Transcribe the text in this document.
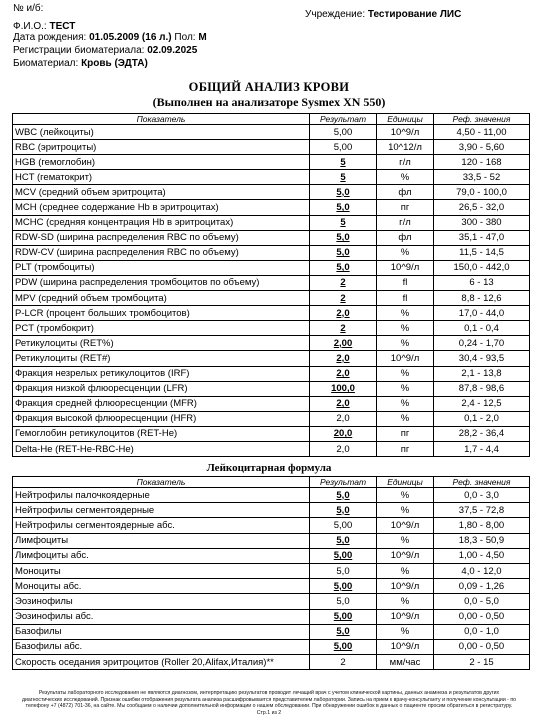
№ и/б:
Ф.И.О.: ТЕСТ
Дата рождения: 01.05.2009 (16 л.) Пол: М
Регистрации биоматериала: 02.09.2025
Биоматериал: Кровь (ЭДТА)
Учреждение: Тестирование ЛИС
ОБЩИЙ АНАЛИЗ КРОВИ
(Выполнен на анализаторе Sysmex XN 550)
Показатель	Результат	Единицы	Реф. значения
WBC (лейкоциты)	5,00	10^9/л	4,50 - 11,00
RBC (эритроциты)	5,00	10^12/л	3,90 - 5,60
HGB (гемоглобин)	5	г/л	120 - 168
HCT (гематокрит)	5	%	33,5 - 52
MCV (средний объем эритроцита)	5,0	фл	79,0 - 100,0
MCH (среднее содержание Hb в эритроцитах)	5,0	пг	26,5 - 32,0
MCHC (средняя концентрация Hb в эритроцитах)	5	г/л	300 - 380
RDW-SD (ширина распределения RBC по объему)	5,0	фл	35,1 - 47,0
RDW-CV (ширина распределения RBC по объему)	5,0	%	11,5 - 14,5
PLT (тромбоциты)	5,0	10^9/л	150,0 - 442,0
PDW (ширина распределения тромбоцитов по объему)	2	fl	6 - 13
MPV (средний объем тромбоцита)	2	fl	8,8 - 12,6
P-LCR (процент больших тромбоцитов)	2,0	%	17,0 - 44,0
PCT (тромбокрит)	2	%	0,1 - 0,4
Ретикулоциты (RET%)	2,00	%	0,24 - 1,70
Ретикулоциты (RET#)	2,0	10^9/л	30,4 - 93,5
Фракция незрелых ретикулоцитов (IRF)	2,0	%	2,1 - 13,8
Фракция низкой флюоресценции (LFR)	100,0	%	87,8 - 98,6
Фракция средней флюоресценции (MFR)	2,0	%	2,4 - 12,5
Фракция высокой флюоресценции (HFR)	2,0	%	0,1 - 2,0
Гемоглобин ретикулоцитов (RET-He)	20,0	пг	28,2 - 36,4
Delta-He (RET-He-RBC-He)	2,0	пг	1,7 - 4,4
Лейкоцитарная формула
Показатель	Результат	Единицы	Реф. значения
Нейтрофилы палочкоядерные	5,0	%	0,0 - 3,0
Нейтрофилы сегментоядерные	5,0	%	37,5 - 72,8
Нейтрофилы сегментоядерные абс.	5,00	10^9/л	1,80 - 8,00
Лимфоциты	5,0	%	18,3 - 50,9
Лимфоциты абс.	5,00	10^9/л	1,00 - 4,50
Моноциты	5,0	%	4,0 - 12,0
Моноциты абс.	5,00	10^9/л	0,09 - 1,26
Эозинофилы	5,0	%	0,0 - 5,0
Эозинофилы абс.	5,00	10^9/л	0,00 - 0,50
Базофилы	5,0	%	0,0 - 1,0
Базофилы абс.	5,00	10^9/л	0,00 - 0,50
Скорость оседания эритроцитов (Roller 20,Alifax,Италия)**	2	мм/час	2 - 15
Результаты лабораторного исследования не являются диагнозом, интерпретацию результатов проводит лечащий врач с учетом клинической картины, данных анамнеза и результатов других
диагностических исследований. Признак ошибки отображения результата анализа расшифровывается представителем лаборатории. Запись на прием к врачу-консультанту и получение консультации - по
телефону +7 (4872) 701-36, на сайте. Мы сообщаем о наличии дополнительной информации о нашем обследовании. При обнаружении ошибок в данных о пациенте просим обратиться в регистратуру.
Стр.1 из 2
